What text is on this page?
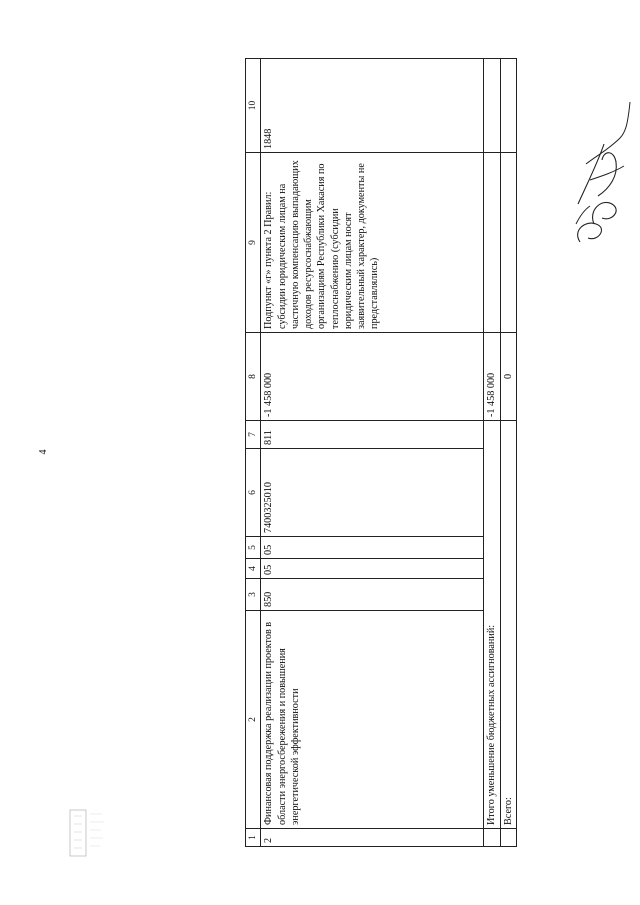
4
1	2	3	4	5	6	7	8	9	10
2	Финансовая поддержка реализации проектов в области энергосбережения и повышения энергетической эффективности	850	05	05	7400325010	811	-1 458 000	Подпункт «г» пункта 2 Правил: субсидии юридическим лицам на частичную компенсацию выпадающих доходов ресурсоснабжающим организациям Республики Хакасия по теплоснабжению (субсидии юридическим лицам носят заявительный характер, документы не представлялись)	1848
	Итого уменьшение бюджетных ассигнований:						-1 458 000		
	Всего:						0		
